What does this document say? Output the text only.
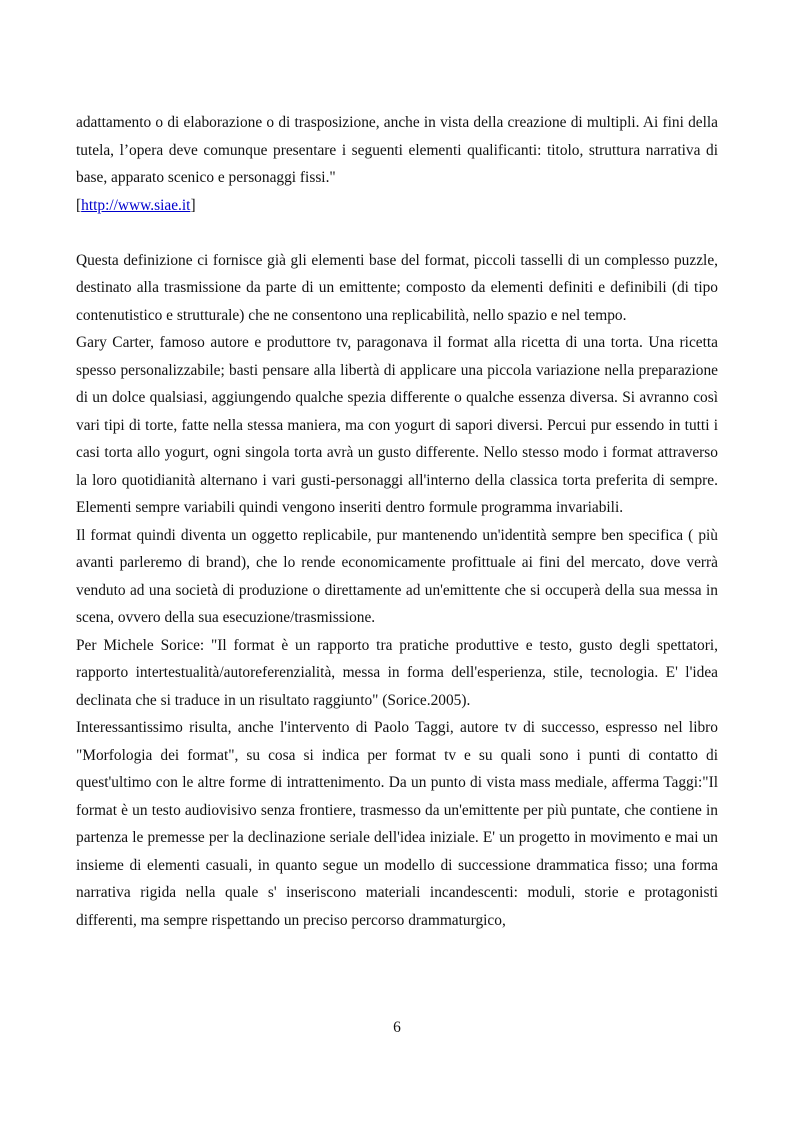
adattamento o di elaborazione o di trasposizione, anche in vista della creazione di multipli. Ai fini della tutela, l’opera deve comunque presentare i seguenti elementi qualificanti: titolo, struttura narrativa di base, apparato scenico e personaggi fissi."

[http://www.siae.it]

Questa definizione ci fornisce già gli elementi base del format, piccoli tasselli di un complesso puzzle, destinato alla trasmissione da parte di un emittente; composto da elementi definiti e definibili (di tipo contenutistico e strutturale) che ne consentono una replicabilità, nello spazio e nel tempo.

Gary Carter, famoso autore e produttore tv, paragonava il format alla ricetta di una torta. Una ricetta spesso personalizzabile; basti pensare alla libertà di applicare una piccola variazione nella preparazione di un dolce qualsiasi, aggiungendo qualche spezia differente o qualche essenza diversa. Si avranno così vari tipi di torte, fatte nella stessa maniera, ma con yogurt di sapori diversi. Percui pur essendo in tutti i casi torta allo yogurt, ogni singola torta avrà un gusto differente. Nello stesso modo i format attraverso la loro quotidianità alternano i vari gusti-personaggi all'interno della classica torta preferita di sempre. Elementi sempre variabili quindi vengono inseriti dentro formule programma invariabili.

Il format quindi diventa un oggetto replicabile, pur mantenendo un'identità sempre ben specifica ( più avanti parleremo di brand), che lo rende economicamente profittuale ai fini del mercato, dove verrà venduto ad una società di produzione o direttamente ad un'emittente che si occuperà della sua messa in scena, ovvero della sua esecuzione/trasmissione.

Per Michele Sorice: "Il format è un rapporto tra pratiche produttive e testo, gusto degli spettatori, rapporto intertestualità/autoreferenzialità, messa in forma dell'esperienza, stile, tecnologia. E' l'idea declinata che si traduce in un risultato raggiunto" (Sorice.2005).

Interessantissimo risulta, anche l'intervento di Paolo Taggi, autore tv di successo, espresso nel libro "Morfologia dei format", su cosa si indica per format tv e su quali sono i punti di contatto di quest'ultimo con le altre forme di intrattenimento. Da un punto di vista mass mediale, afferma Taggi:"Il format è un testo audiovisivo senza frontiere, trasmesso da un'emittente per più puntate, che contiene in partenza le premesse per la declinazione seriale dell'idea iniziale. E' un progetto in movimento e mai un insieme di elementi casuali, in quanto segue un modello di successione drammatica fisso; una forma narrativa rigida nella quale s' inseriscono materiali incandescenti: moduli, storie e protagonisti differenti, ma sempre rispettando un preciso percorso drammaturgico,

6
